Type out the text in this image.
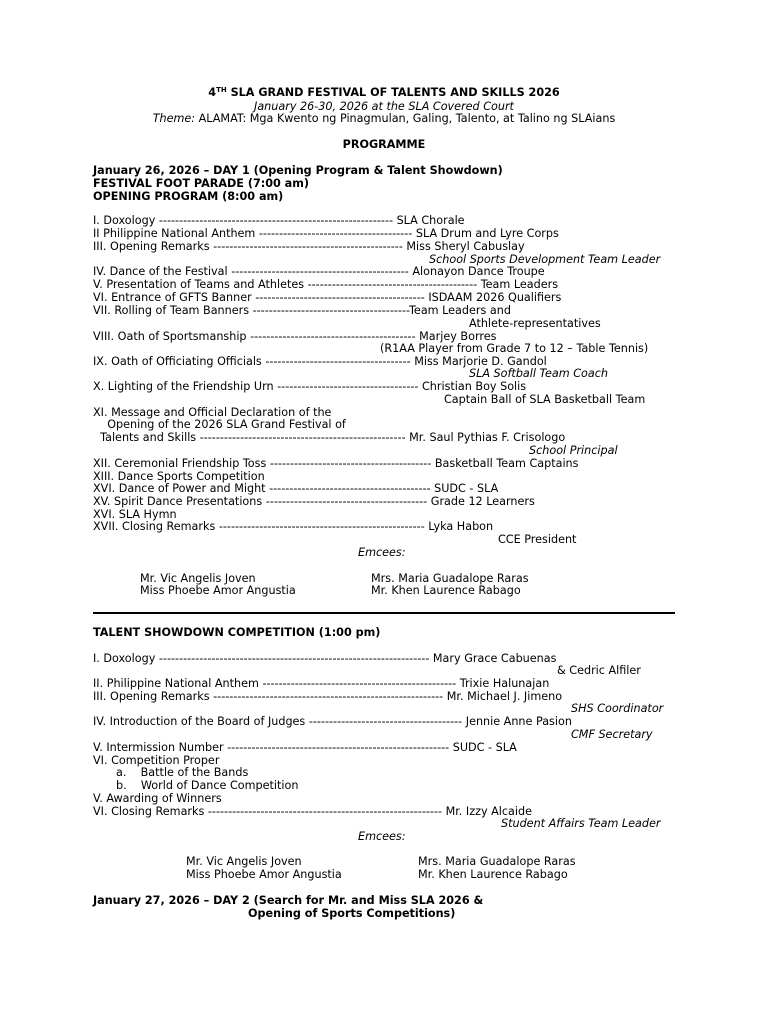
4TH SLA GRAND FESTIVAL OF TALENTS AND SKILLS 2026
January 26-30, 2026 at the SLA Covered Court
Theme: ALAMAT: Mga Kwento ng Pinagmulan, Galing, Talento, at Talino ng SLAians
PROGRAMME
January 26, 2026 – DAY 1 (Opening Program & Talent Showdown)
FESTIVAL FOOT PARADE (7:00 am)
OPENING PROGRAM (8:00 am)
I. Doxology ---------------------------------------------------------- SLA Chorale
II Philippine National Anthem -------------------------------------- SLA Drum and Lyre Corps
III. Opening Remarks ----------------------------------------------- Miss Sheryl Cabuslay
School Sports Development Team Leader
IV. Dance of the Festival -------------------------------------------- Alonayon Dance Troupe
V. Presentation of Teams and Athletes ------------------------------------------ Team Leaders
VI. Entrance of GFTS Banner ------------------------------------------ ISDAAM 2026 Qualifiers
VII. Rolling of Team Banners ---------------------------------------Team Leaders and
Athlete-representatives
VIII. Oath of Sportsmanship ----------------------------------------- Marjey Borres
(R1AA Player from Grade 7 to 12 – Table Tennis)
IX. Oath of Officiating Officials ------------------------------------ Miss Marjorie D. Gandol
SLA Softball Team Coach
X. Lighting of the Friendship Urn ----------------------------------- Christian Boy Solis
Captain Ball of SLA Basketball Team
XI. Message and Official Declaration of the
Opening of the 2026 SLA Grand Festival of
Talents and Skills --------------------------------------------------- Mr. Saul Pythias F. Crisologo
School Principal
XII. Ceremonial Friendship Toss ---------------------------------------- Basketball Team Captains
XIII. Dance Sports Competition
XVI. Dance of Power and Might ---------------------------------------- SUDC - SLA
XV. Spirit Dance Presentations ---------------------------------------- Grade 12 Learners
XVI. SLA Hymn
XVII. Closing Remarks --------------------------------------------------- Lyka Habon
CCE President
Emcees:
Mr. Vic Angelis Joven
Miss Phoebe Amor Angustia
Mrs. Maria Guadalope Raras
Mr. Khen Laurence Rabago
TALENT SHOWDOWN COMPETITION (1:00 pm)
I. Doxology ------------------------------------------------------------------- Mary Grace Cabuenas
& Cedric Alfiler
II. Philippine National Anthem ------------------------------------------------ Trixie Halunajan
III. Opening Remarks --------------------------------------------------------- Mr. Michael J. Jimeno
SHS Coordinator
IV. Introduction of the Board of Judges -------------------------------------- Jennie Anne Pasion
CMF Secretary
V. Intermission Number ------------------------------------------------------- SUDC - SLA
VI. Competition Proper
a.    Battle of the Bands
b.    World of Dance Competition
V. Awarding of Winners
VI. Closing Remarks ---------------------------------------------------------- Mr. Izzy Alcaide
Student Affairs Team Leader
Emcees:
Mr. Vic Angelis Joven
Miss Phoebe Amor Angustia
Mrs. Maria Guadalope Raras
Mr. Khen Laurence Rabago
January 27, 2026 – DAY 2 (Search for Mr. and Miss SLA 2026 &
Opening of Sports Competitions)
